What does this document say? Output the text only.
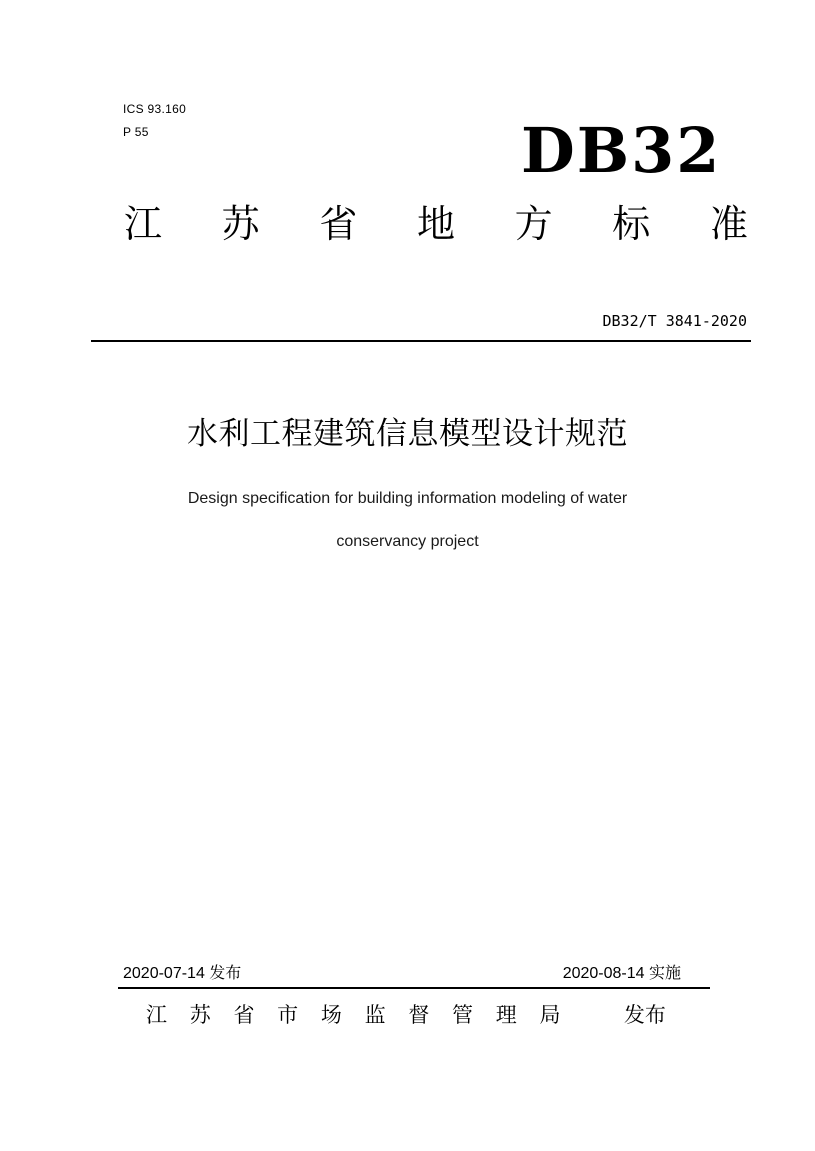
ICS 93.160
P 55	DB32
江 苏 省 地 方 标 准
DB32/T 3841-2020
水利工程建筑信息模型设计规范
Design specification for building information modeling of water
conservancy project
2020-07-14 发布	2020-08-14 实施
江 苏 省 市 场 监 督 管 理 局	发布
